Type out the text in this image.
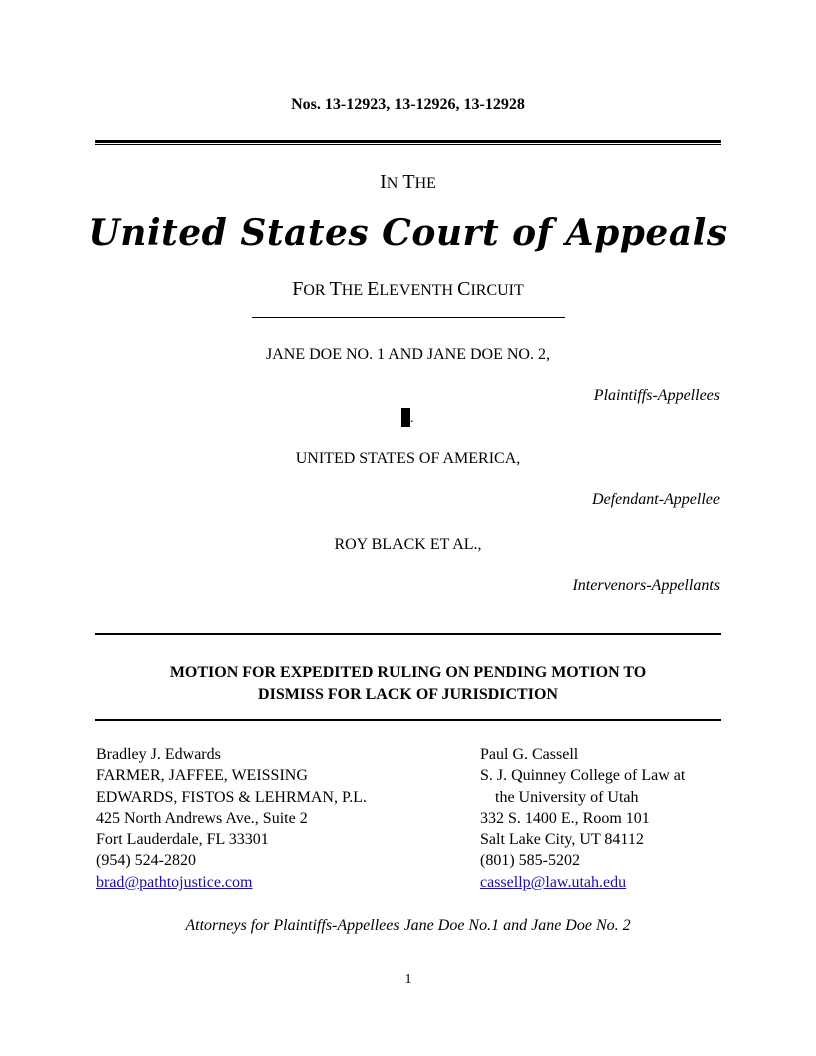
Nos. 13-12923, 13-12926, 13-12928
IN THE
United States Court of Appeals
FOR THE ELEVENTH CIRCUIT
JANE DOE NO. 1 AND JANE DOE NO. 2,
Plaintiffs-Appellees
.
UNITED STATES OF AMERICA,
Defendant-Appellee
ROY BLACK ET AL.,
Intervenors-Appellants
MOTION FOR EXPEDITED RULING ON PENDING MOTION TO
DISMISS FOR LACK OF JURISDICTION
Bradley J. Edwards
FARMER, JAFFEE, WEISSING
EDWARDS, FISTOS & LEHRMAN, P.L.
425 North Andrews Ave., Suite 2
Fort Lauderdale, FL 33301
(954) 524-2820
brad@pathtojustice.com
Paul G. Cassell
S. J. Quinney College of Law at
the University of Utah
332 S. 1400 E., Room 101
Salt Lake City, UT 84112
(801) 585-5202
cassellp@law.utah.edu
Attorneys for Plaintiffs-Appellees Jane Doe No.1 and Jane Doe No. 2
1
